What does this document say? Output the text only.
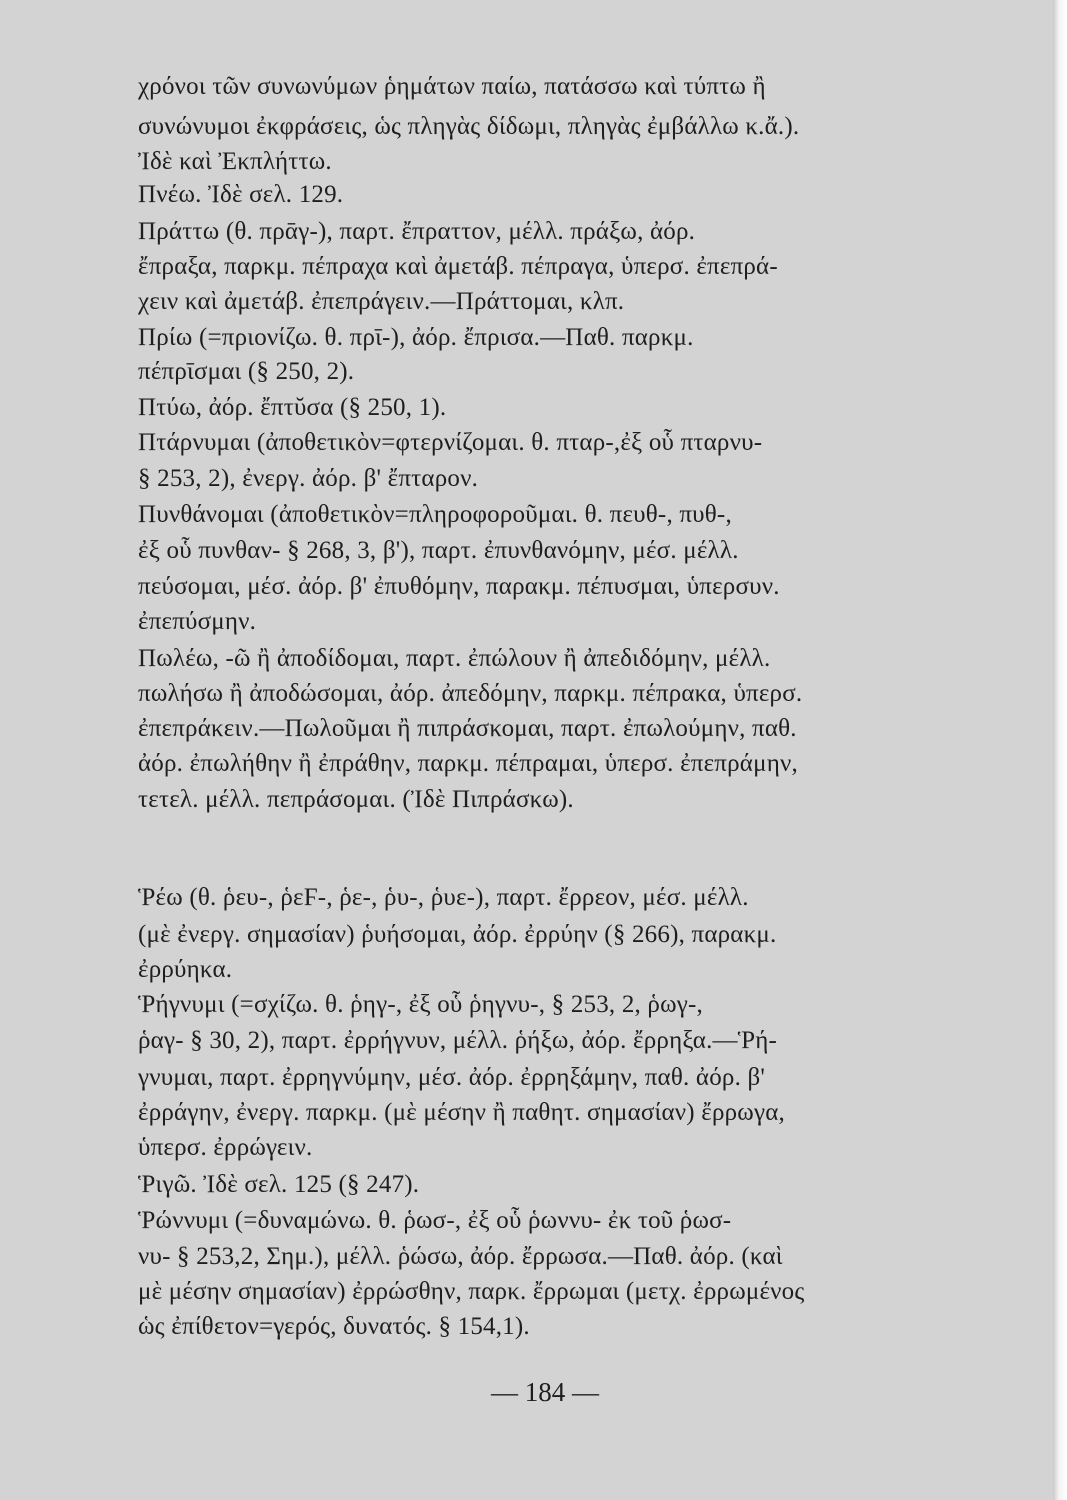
χρόνοι τῶν συνωνύμων ῥημάτων παίω, πατάσσω καὶ τύπτω ἢ
συνώνυμοι ἐκφράσεις, ὡς πληγὰς δίδωμι, πληγὰς ἐμβάλλω κ.ἄ.).
Ἰδὲ καὶ Ἐκπλήττω.
Πνέω. Ἰδὲ σελ. 129.
Πράττω (θ. πρᾱγ-), παρτ. ἔπραττον, μέλλ. πράξω, ἀόρ.
ἔπραξα, παρκμ. πέπραχα καὶ ἀμετάβ. πέπραγα, ὑπερσ. ἐπεπρά-
χειν καὶ ἀμετάβ. ἐπεπράγειν.—Πράττομαι, κλπ.
Πρίω (=πριονίζω. θ. πρῑ-), ἀόρ. ἔπρισα.—Παθ. παρκμ.
πέπρῑσμαι (§ 250, 2).
Πτύω, ἀόρ. ἔπτῠσα (§ 250, 1).
Πτάρνυμαι (ἀποθετικὸν=φτερνίζομαι. θ. πταρ-,ἐξ οὗ πταρνυ-
§ 253, 2), ἐνεργ. ἀόρ. β' ἔπταρον.
Πυνθάνομαι (ἀποθετικὸν=πληροφοροῦμαι. θ. πευθ-, πυθ-,
ἐξ οὗ πυνθαν- § 268, 3, β'), παρτ. ἐπυνθανόμην, μέσ. μέλλ.
πεύσομαι, μέσ. ἀόρ. β' ἐπυθόμην, παρακμ. πέπυσμαι, ὑπερσυν.
ἐπεπύσμην.
Πωλέω, -ῶ ἢ ἀποδίδομαι, παρτ. ἐπώλουν ἢ ἀπεδιδόμην, μέλλ.
πωλήσω ἢ ἀποδώσομαι, ἀόρ. ἀπεδόμην, παρκμ. πέπρακα, ὑπερσ.
ἐπεπράκειν.—Πωλοῦμαι ἢ πιπράσκομαι, παρτ. ἐπωλούμην, παθ.
ἀόρ. ἐπωλήθην ἢ ἐπράθην, παρκμ. πέπραμαι, ὑπερσ. ἐπεπράμην,
τετελ. μέλλ. πεπράσομαι. (Ἰδὲ Πιπράσκω).
Ῥέω (θ. ῥευ-, ῥεϜ-, ῥε-, ῥυ-, ῥυε-), παρτ. ἔρρεον, μέσ. μέλλ.
(μὲ ἐνεργ. σημασίαν) ῥυήσομαι, ἀόρ. ἐρρύην (§ 266), παρακμ.
ἐρρύηκα.
Ῥήγνυμι (=σχίζω. θ. ῥηγ-, ἐξ οὗ ῥηγνυ-, § 253, 2, ῥωγ-,
ῥαγ- § 30, 2), παρτ. ἐρρήγνυν, μέλλ. ῥήξω, ἀόρ. ἔρρηξα.—Ῥή-
γνυμαι, παρτ. ἐρρηγνύμην, μέσ. ἀόρ. ἐρρηξάμην, παθ. ἀόρ. β'
ἐρράγην, ἐνεργ. παρκμ. (μὲ μέσην ἢ παθητ. σημασίαν) ἔρρωγα,
ὑπερσ. ἐρρώγειν.
Ῥιγῶ. Ἰδὲ σελ. 125 (§ 247).
Ῥώννυμι (=δυναμώνω. θ. ῥωσ-, ἐξ οὗ ῥωννυ- ἐκ τοῦ ῥωσ-
νυ- § 253,2, Σημ.), μέλλ. ῥώσω, ἀόρ. ἔρρωσα.—Παθ. ἀόρ. (καὶ
μὲ μέσην σημασίαν) ἐρρώσθην, παρκ. ἔρρωμαι (μετχ. ἐρρωμένος
ὡς ἐπίθετον=γερός, δυνατός. § 154,1).
— 184 —
